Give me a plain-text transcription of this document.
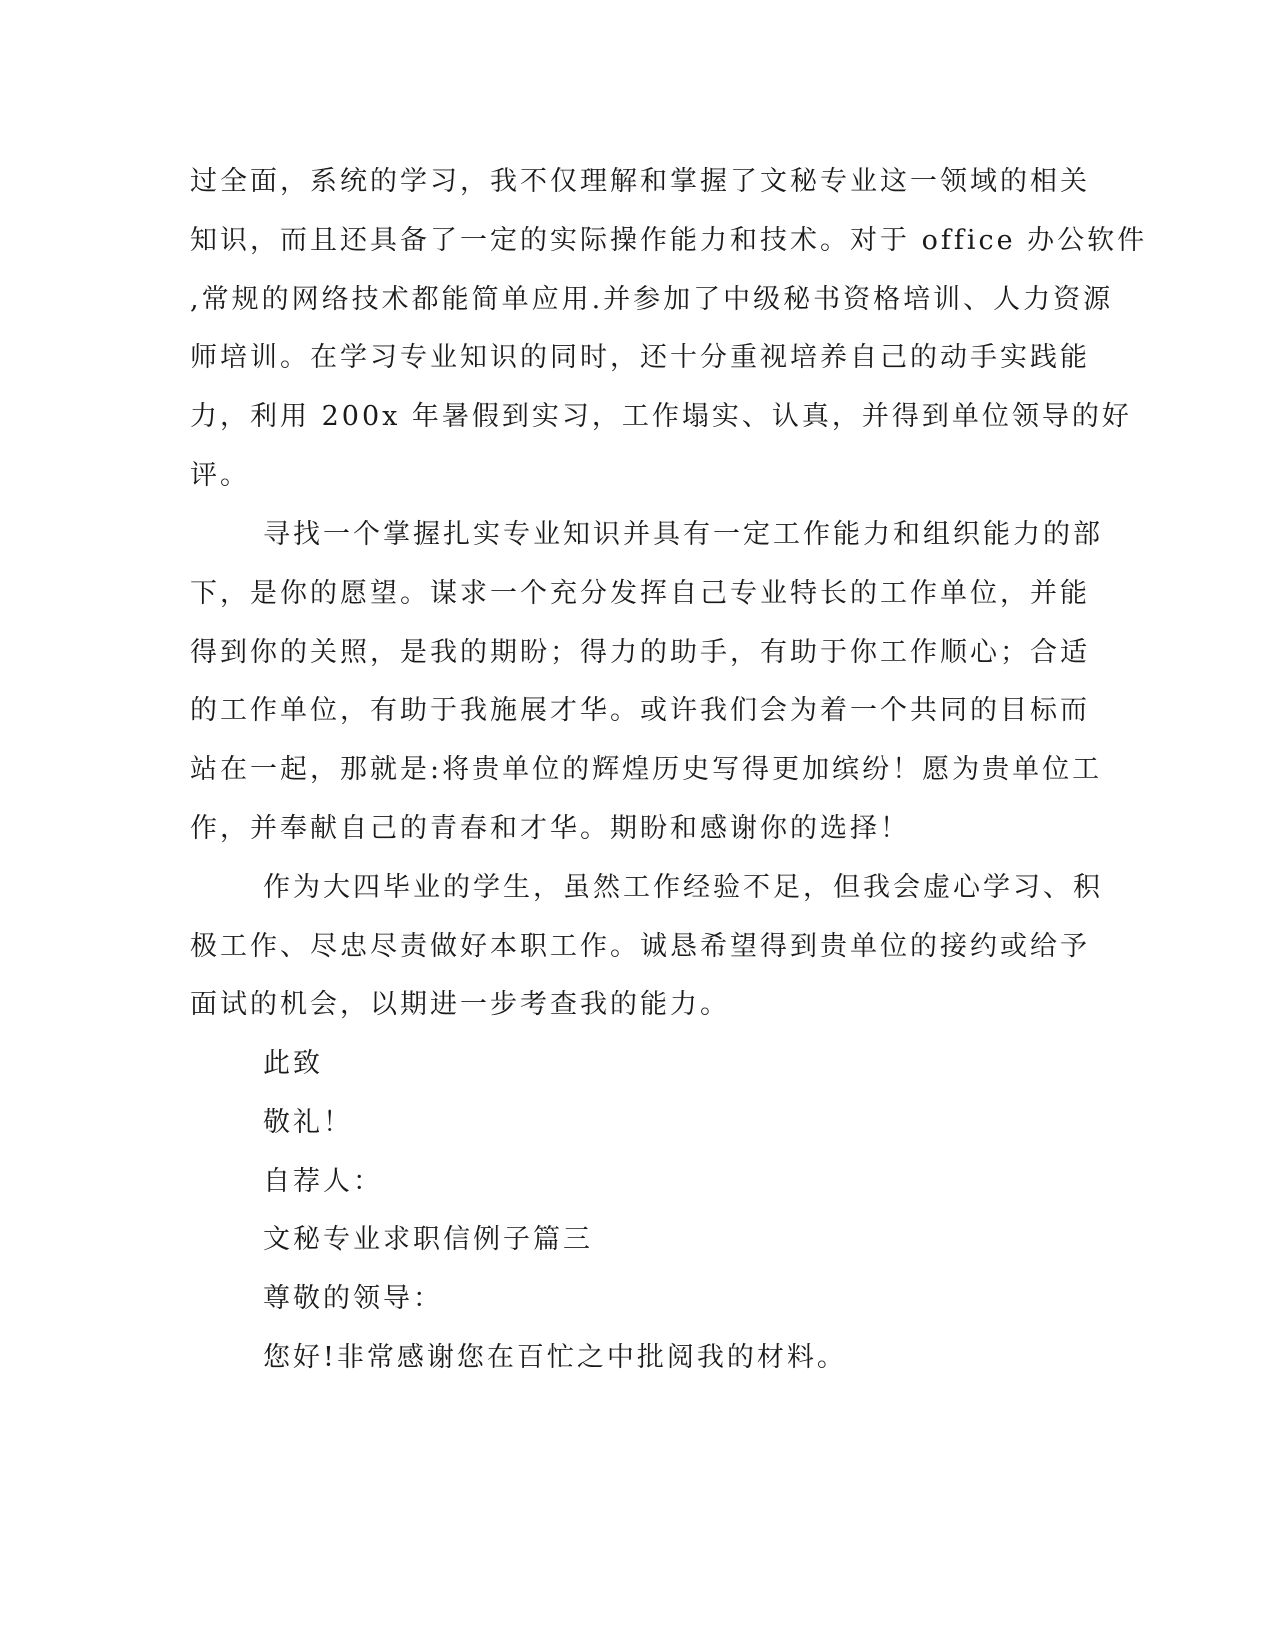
过全面，系统的学习，我不仅理解和掌握了文秘专业这一领域的相关
知识，而且还具备了一定的实际操作能力和技术。对于 office 办公软件
,常规的网络技术都能简单应用.并参加了中级秘书资格培训、人力资源
师培训。在学习专业知识的同时，还十分重视培养自己的动手实践能
力，利用 200x 年暑假到实习，工作塌实、认真，并得到单位领导的好
评。
寻找一个掌握扎实专业知识并具有一定工作能力和组织能力的部
下，是你的愿望。谋求一个充分发挥自己专业特长的工作单位，并能
得到你的关照，是我的期盼；得力的助手，有助于你工作顺心；合适
的工作单位，有助于我施展才华。或许我们会为着一个共同的目标而
站在一起，那就是:将贵单位的辉煌历史写得更加缤纷！愿为贵单位工
作，并奉献自己的青春和才华。期盼和感谢你的选择！
作为大四毕业的学生，虽然工作经验不足，但我会虚心学习、积
极工作、尽忠尽责做好本职工作。诚恳希望得到贵单位的接约或给予
面试的机会，以期进一步考查我的能力。
此致
敬礼！
自荐人：
文秘专业求职信例子篇三
尊敬的领导：
您好!非常感谢您在百忙之中批阅我的材料。
